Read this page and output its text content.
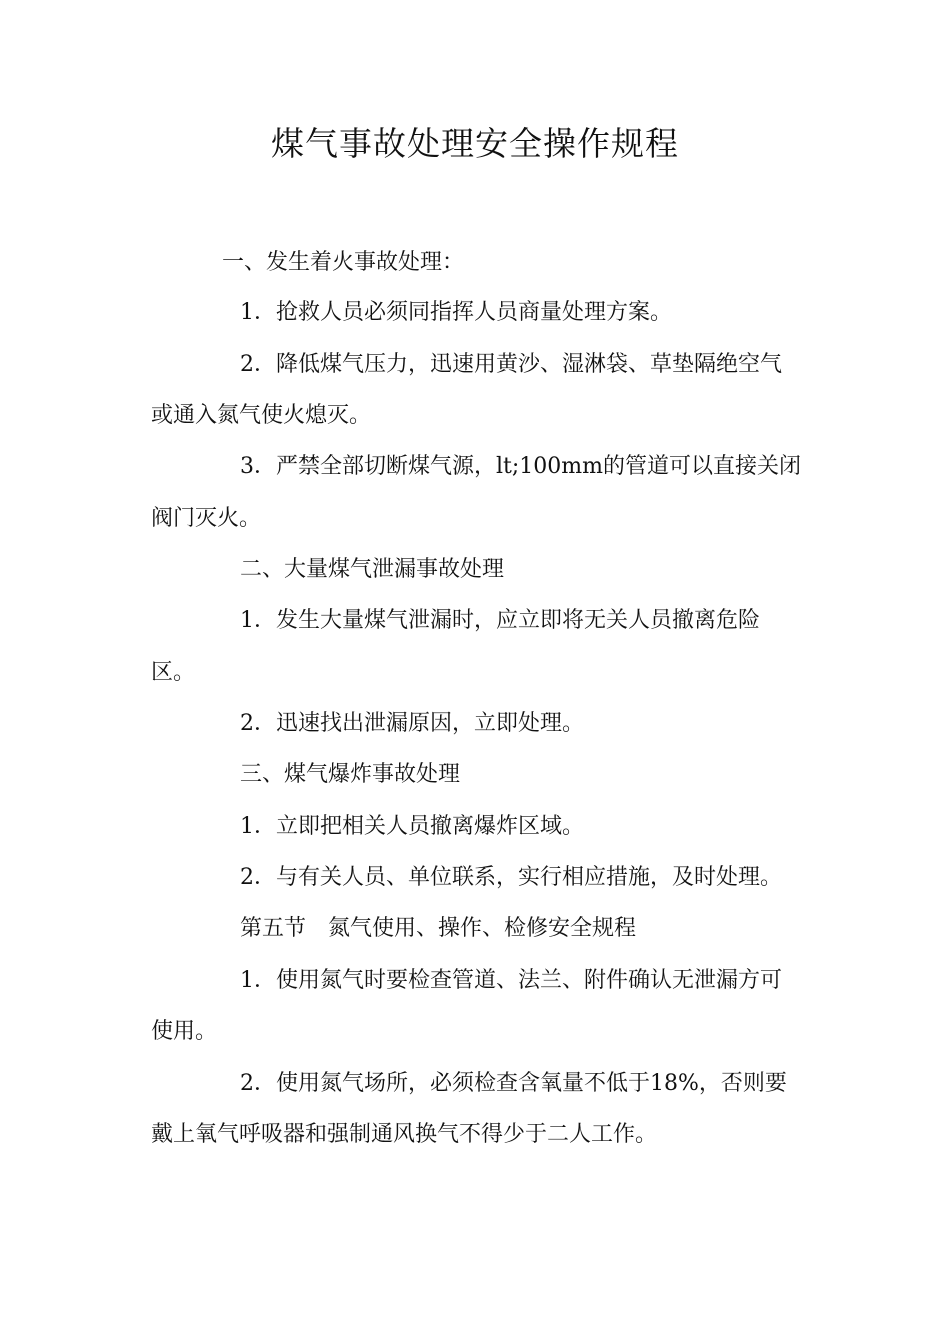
煤气事故处理安全操作规程
一、发生着火事故处理：
1．抢救人员必须同指挥人员商量处理方案。
2．降低煤气压力，迅速用黄沙、湿淋袋、草垫隔绝空气
或通入氮气使火熄灭。
3．严禁全部切断煤气源，lt;100mm的管道可以直接关闭
阀门灭火。
二、大量煤气泄漏事故处理
1．发生大量煤气泄漏时，应立即将无关人员撤离危险
区。
2．迅速找出泄漏原因，立即处理。
三、煤气爆炸事故处理
1．立即把相关人员撤离爆炸区域。
2．与有关人员、单位联系，实行相应措施，及时处理。
第五节　氮气使用、操作、检修安全规程
1．使用氮气时要检查管道、法兰、附件确认无泄漏方可
使用。
2．使用氮气场所，必须检查含氧量不低于18%，否则要
戴上氧气呼吸器和强制通风换气不得少于二人工作。
